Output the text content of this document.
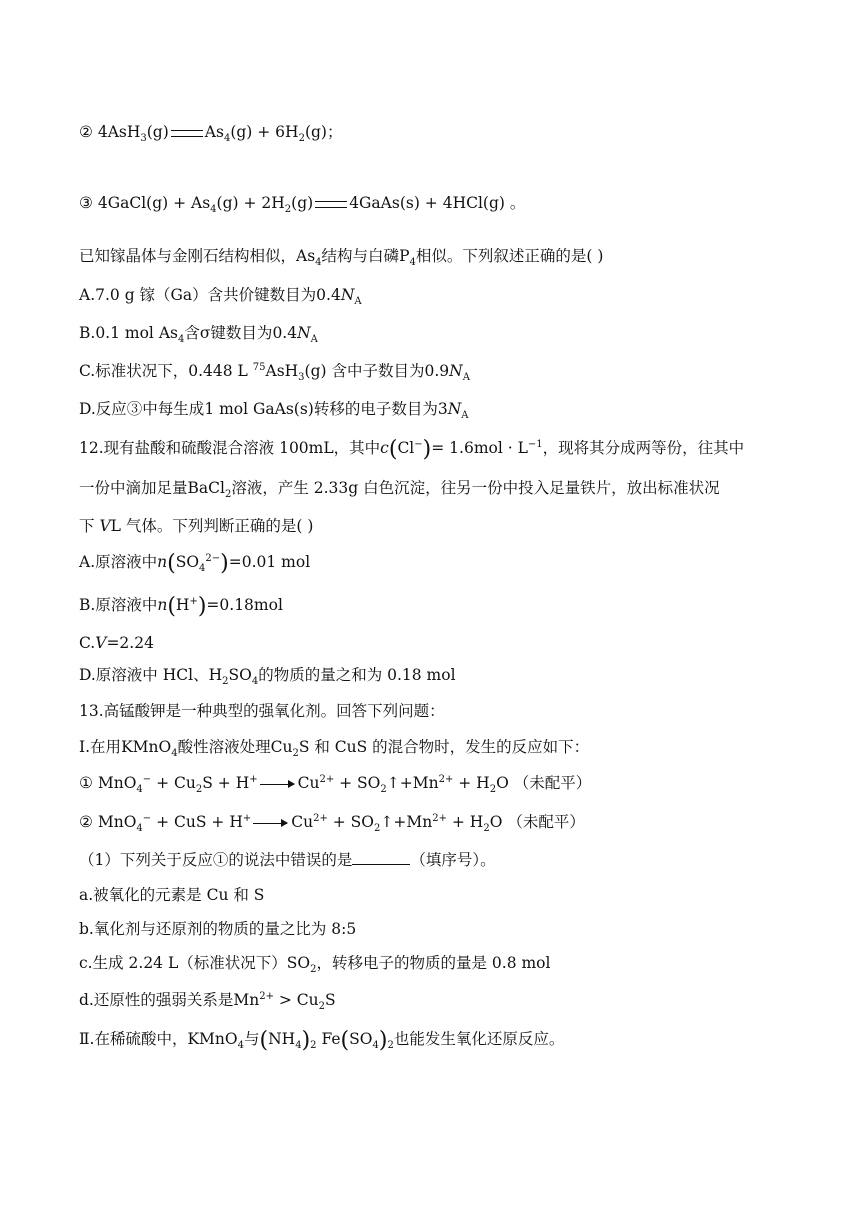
② 4AsH$_3$(g) $As_4(g) + 6H_2(g)$；
③ 4GaCl(g) + $As_4(g) + 2H_2(g)$ 4GaAs(s) + 4HCl(g) 。
已知镓晶体与金刚石结构相似，$As_4$结构与白磷$P_4$相似。下列叙述正确的是( )
A.7.0 g 镓（Ga）含共价键数目为$0.4N_A$
B.0.1 mol $As_4$含σ键数目为$0.4N_A$
C.标准状况下，0.448 L $^{75}$AsH$_3$(g) 含中子数目为$0.9N_A$
D.反应③中每生成1 mol GaAs(s)转移的电子数目为$3N_A$
12.现有盐酸和硫酸混合溶液 100mL，其中$c(Cl^-)= 1.6mol \cdot L^{-1}$，现将其分成两等份，往其中
一份中滴加足量BaCl$_2$溶液，产生 2.33g 白色沉淀，往另一份中投入足量铁片，放出标准状况
下 VL 气体。下列判断正确的是( )
A.原溶液中$n(SO_4^{2-})=0.01$ mol
B.原溶液中n(H+)=0.18mol
C.V=2.24
D.原溶液中 HCl、$H_2SO_4$的物质的量之和为 0.18 mol
13.高锰酸钾是一种典型的强氧化剂。回答下列问题：
Ⅰ.在用KMnO$_4$酸性溶液处理$Cu_2S$ 和 CuS 的混合物时，发生的反应如下：
① $MnO_4^- + Cu_2S + H^+ \to Cu^{2+}$ + $SO_2↑+Mn^{2+} + H_2O$ （未配平）
② MnO$_4$− + CuS + $H^+ \to Cu^{2+}$ + $SO_2↑+Mn^{2+} + H_2O$ （未配平）
（1）下列关于反应①的说法中错误的是	（填序号）。
a.被氧化的元素是 Cu 和 S
b.氧化剂与还原剂的物质的量之比为 8:5
c.生成 2.24 L（标准状况下）$SO_2$，转移电子的物质的量是 0.8 mol
d.还原性的强弱关系是$Mn^{2+} > Cu_2S$
Ⅱ.在稀硫酸中，KMnO$_4$与$(NH_4)_2$ $Fe(SO_4)_2$也能发生氧化还原反应。
